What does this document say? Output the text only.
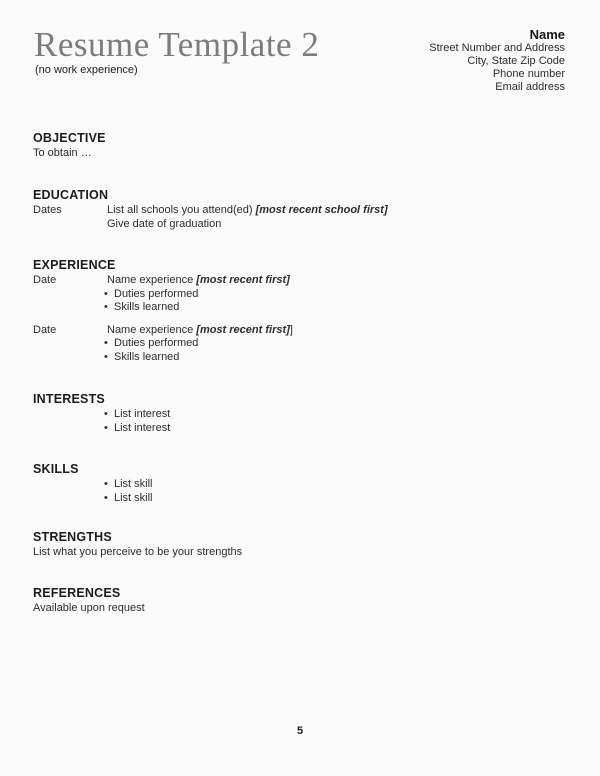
Resume Template 2
(no work experience)
Name
Street Number and Address
City, State Zip Code
Phone number
Email address
OBJECTIVE
To obtain …
EDUCATION
Dates	List all schools you attend(ed) [most recent school first]
Give date of graduation
EXPERIENCE
Date	Name experience [most recent first]
• Duties performed
• Skills learned
Date	Name experience [most recent first]]
• Duties performed
• Skills learned
INTERESTS
• List interest
• List interest
SKILLS
• List skill
• List skill
STRENGTHS
List what you perceive to be your strengths
REFERENCES
Available upon request
5
